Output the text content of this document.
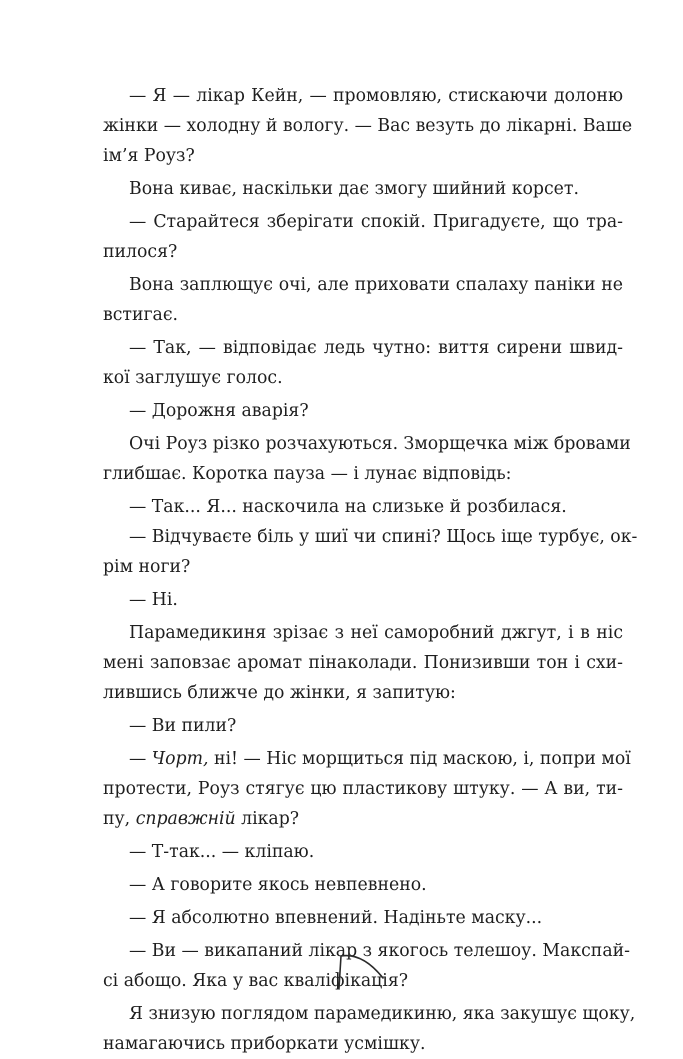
— Я — лікар Кейн, — промовляю, стискаючи долоню
жінки — холодну й вологу. — Вас везуть до лікарні. Ваше
ім’я Роуз?
Вона киває, наскільки дає змогу шийний корсет.
— Старайтеся зберігати спокій. Пригадуєте, що тра-
пилося?
Вона заплющує очі, але приховати спалаху паніки не
встигає.
— Так, — відповідає ледь чутно: виття сирени швид-
кої заглушує голос.
— Дорожня аварія?
Очі Роуз різко розчахуються. Зморщечка між бровами
глибшає. Коротка пауза — і лунає відповідь:
— Так... Я... наскочила на слизьке й розбилася.
— Відчуваєте біль у шиї чи спині? Щось іще турбує, ок-
рім ноги?
— Ні.
Парамедикиня зрізає з неї саморобний джгут, і в ніс
мені заповзає аромат пінаколади. Понизивши тон і схи-
лившись ближче до жінки, я запитую:
— Ви пили?
— Чорт, ні! — Ніс морщиться під маскою, і, попри мої
протести, Роуз стягує цю пластикову штуку. — А ви, ти-
пу, справжній лікар?
— Т-так... — кліпаю.
— А говорите якось невпевнено.
— Я абсолютно впевнений. Надіньте маску...
— Ви — викапаний лікар з якогось телешоу. Макспай-
сі абощо. Яка у вас кваліфікація?
Я знизую поглядом парамедикиню, яка закушує щоку,
намагаючись приборкати усмішку.
